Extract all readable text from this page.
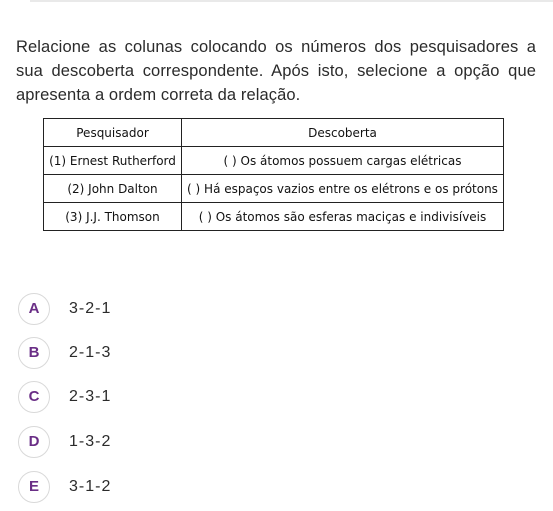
Relacione as colunas colocando os números dos pesquisadores a sua descoberta correspondente. Após isto, selecione a opção que apresenta a ordem correta da relação.

Pesquisador	Descoberta
(1) Ernest Rutherford	( ) Os átomos possuem cargas elétricas
(2) John Dalton	( ) Há espaços vazios entre os elétrons e os prótons
(3) J.J. Thomson	( ) Os átomos são esferas maciças e indivisíveis
A	3-2-1
B	2-1-3
C	2-3-1
D	1-3-2
E	3-1-2
